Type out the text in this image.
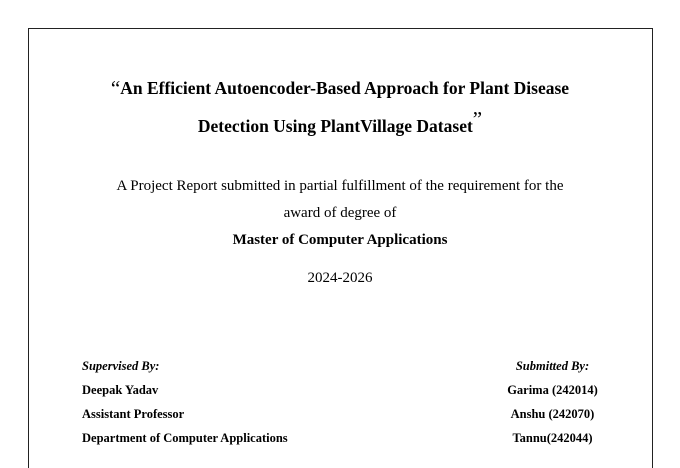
“An Efficient Autoencoder-Based Approach for Plant Disease
Detection Using PlantVillage Dataset”
A Project Report submitted in partial fulfillment of the requirement for the
award of degree of
Master of Computer Applications
2024-2026
Supervised By:
Deepak Yadav
Assistant Professor
Department of Computer Applications
Submitted By:
Garima (242014)
Anshu (242070)
Tannu(242044)
